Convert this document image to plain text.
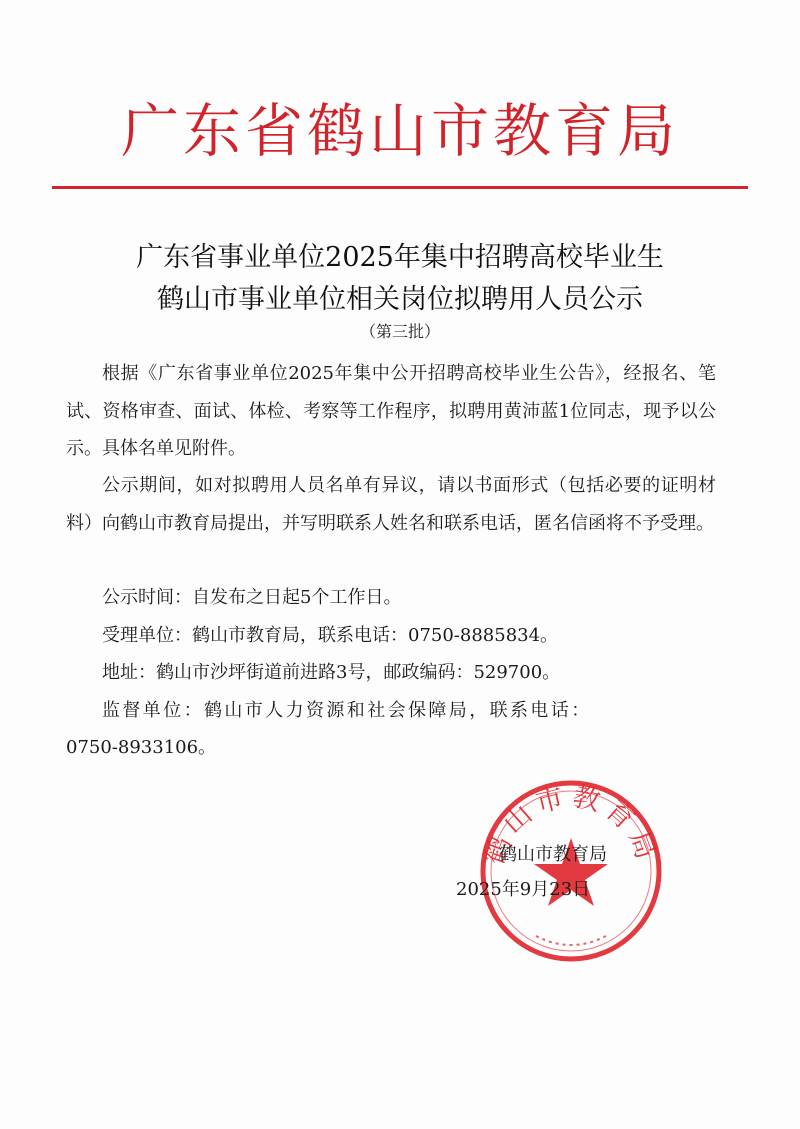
广东省鹤山市教育局
广东省事业单位2025年集中招聘高校毕业生
鹤山市事业单位相关岗位拟聘用人员公示
（第三批）

根据《广东省事业单位2025年集中公开招聘高校毕业生公告》，经报名、笔试、资格审查、面试、体检、考察等工作程序，拟聘用黄沛蓝1位同志，现予以公示。具体名单见附件。

公示期间，如对拟聘用人员名单有异议，请以书面形式（包括必要的证明材料）向鹤山市教育局提出，并写明联系人姓名和联系电话，匿名信函将不予受理。

公示时间：自发布之日起5个工作日。
受理单位：鹤山市教育局，联系电话：0750-8885834。
地址：鹤山市沙坪街道前进路3号，邮政编码：529700。
监督单位：鹤山市人力资源和社会保障局，联系电话：
0750-8933106。
鹤山市教育局
鹤山市教育局
2025年9月23日
